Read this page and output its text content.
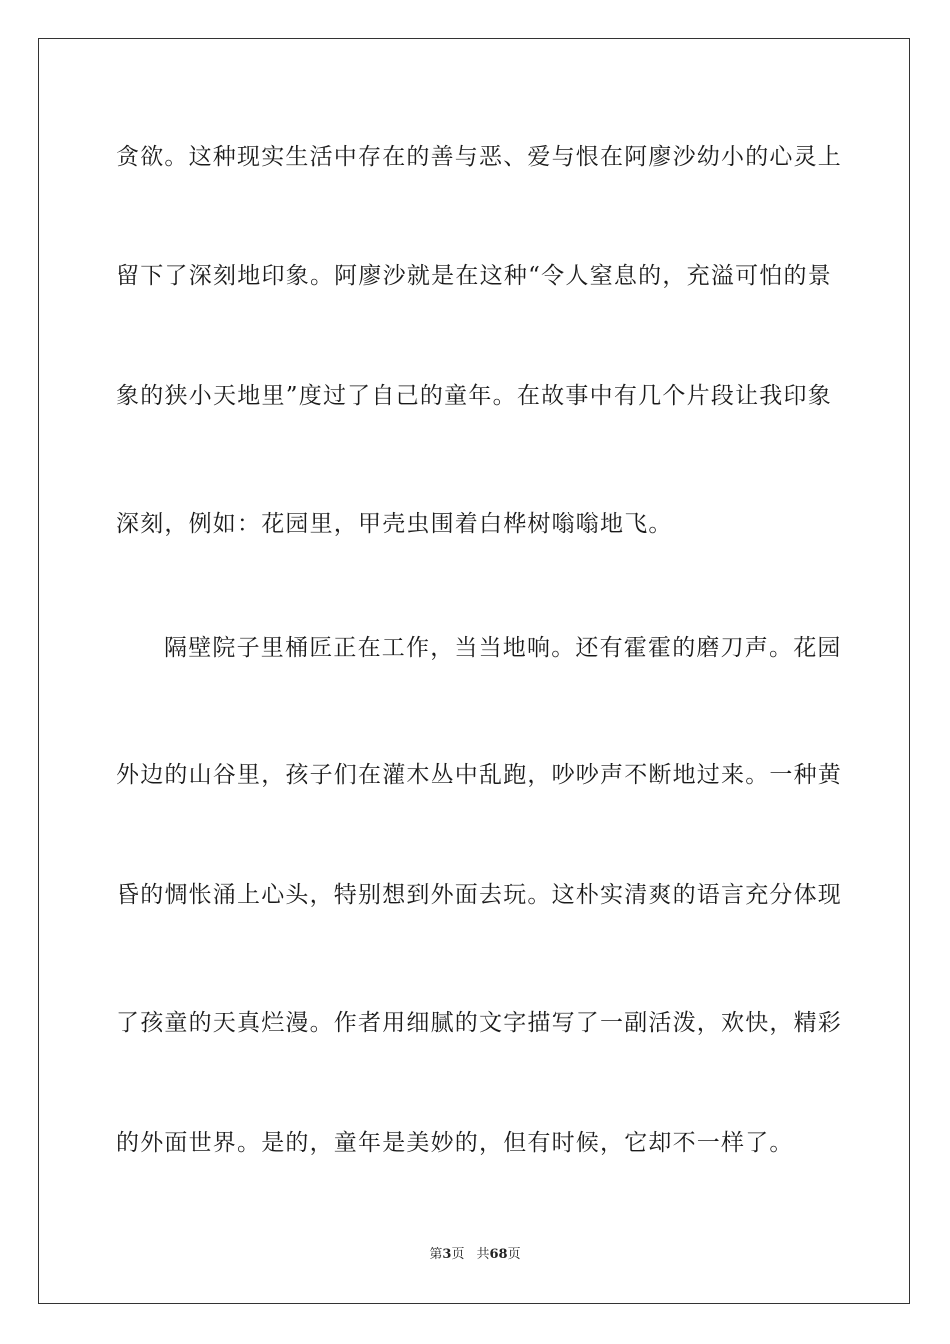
贪欲。这种现实生活中存在的善与恶、爱与恨在阿廖沙幼小的心灵上
留下了深刻地印象。阿廖沙就是在这种“令人窒息的，充溢可怕的景
象的狭小天地里”度过了自己的童年。在故事中有几个片段让我印象
深刻，例如：花园里，甲壳虫围着白桦树嗡嗡地飞。
隔壁院子里桶匠正在工作，当当地响。还有霍霍的磨刀声。花园
外边的山谷里，孩子们在灌木丛中乱跑，吵吵声不断地过来。一种黄
昏的惆怅涌上心头，特别想到外面去玩。这朴实清爽的语言充分体现
了孩童的天真烂漫。作者用细腻的文字描写了一副活泼，欢快，精彩
的外面世界。是的，童年是美妙的，但有时候，它却不一样了。
第3页 共68页
